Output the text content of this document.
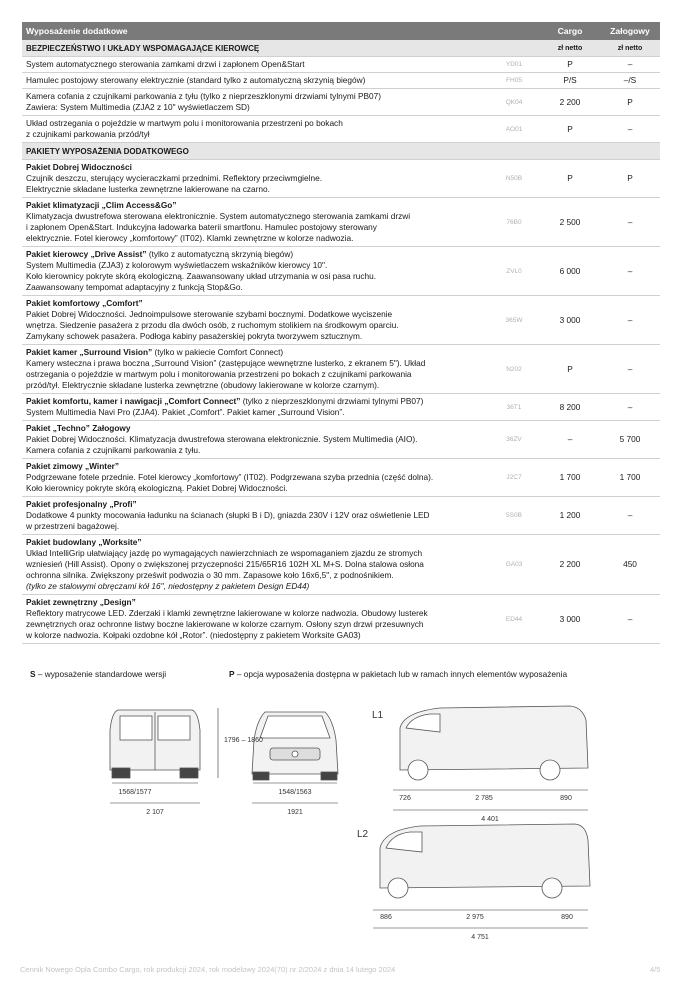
Wyposażenie dodatkowe		Cargo	Załogowy
BEZPIECZEŃSTWO I UKŁADY WSPOMAGAJĄCE KIEROWCĘ		zł netto	zł netto

System automatycznego sterowania zamkami drzwi i zapłonem Open&Start	YD01	P	–

Hamulec postojowy sterowany elektrycznie (standard tylko z automatyczną skrzynią biegów)	FH05	P/S	–/S

Kamera cofania z czujnikami parkowania z tyłu (tylko z nieprzeszklonymi drzwiami tylnymi PB07)
Zawiera: System Multimedia (ZJA2 z 10" wyświetlaczem SD)	QK04	2 200	P

Układ ostrzegania o pojeździe w martwym polu i monitorowania przestrzeni po bokach
z czujnikami parkowania przód/tył	AO01	P	–
PAKIETY WYPOSAŻENIA DODATKOWEGO			

Pakiet Dobrej Widoczności
Czujnik deszczu, sterujący wycieraczkami przednimi. Reflektory przeciwmgielne.
Elektrycznie składane lusterka zewnętrzne lakierowane na czarno.	N50B	P	P

Pakiet klimatyzacji „Clim Access&Go”
Klimatyzacja dwustrefowa sterowana elektronicznie. System automatycznego sterowania zamkami drzwi
i zapłonem Open&Start. Indukcyjna ładowarka baterii smartfonu. Hamulec postojowy sterowany
elektrycznie. Fotel kierowcy „komfortowy” (IT02). Klamki zewnętrzne w kolorze nadwozia.	76B0	2 500	–

Pakiet kierowcy „Drive Assist” (tylko z automatyczną skrzynią biegów)
System Multimedia (ZJA3) z kolorowym wyświetlaczem wskaźników kierowcy 10".
Koło kierownicy pokryte skórą ekologiczną. Zaawansowany układ utrzymania w osi pasa ruchu.
Zaawansowany tempomat adaptacyjny z funkcją Stop&Go.	ZVL0	6 000	–

Pakiet komfortowy „Comfort”
Pakiet Dobrej Widoczności. Jednoimpulsowe sterowanie szybami bocznymi. Dodatkowe wyciszenie
wnętrza. Siedzenie pasażera z przodu dla dwóch osób, z ruchomym stolikiem na środkowym oparciu.
Zamykany schowek pasażera. Podłoga kabiny pasażerskiej pokryta tworzywem sztucznym.	365W	3 000	–

Pakiet kamer „Surround Vision” (tylko w pakiecie Comfort Connect)
Kamery wsteczna i prawa boczna „Surround Vision” (zastępujące wewnętrzne lusterko, z ekranem 5"). Układ
ostrzegania o pojeździe w martwym polu i monitorowania przestrzeni po bokach z czujnikami parkowania
przód/tył. Elektrycznie składane lusterka zewnętrzne (obudowy lakierowane w kolorze czarnym).	N202	P	–

Pakiet komfortu, kamer i nawigacji „Comfort Connect” (tylko z nieprzeszklonymi drzwiami tylnymi PB07)
System Multimedia Navi Pro (ZJA4). Pakiet „Comfort”. Pakiet kamer „Surround Vision”.	36T1	8 200	–

Pakiet „Techno” Załogowy
Pakiet Dobrej Widoczności. Klimatyzacja dwustrefowa sterowana elektronicznie. System Multimedia (AIO).
Kamera cofania z czujnikami parkowania z tyłu.	36ZV	–	5 700

Pakiet zimowy „Winter”
Podgrzewane fotele przednie. Fotel kierowcy „komfortowy” (IT02). Podgrzewana szyba przednia (część dolna).
Koło kierownicy pokryte skórą ekologiczną. Pakiet Dobrej Widoczności.	J2C7	1 700	1 700

Pakiet profesjonalny „Profi”
Dodatkowe 4 punkty mocowania ładunku na ścianach (słupki B i D), gniazda 230V i 12V oraz oświetlenie LED
w przestrzeni bagażowej.	5S0B	1 200	–

Pakiet budowlany „Worksite”
Układ IntelliGrip ułatwiający jazdę po wymagających nawierzchniach ze wspomaganiem zjazdu ze stromych
wzniesień (Hill Assist). Opony o zwiększonej przyczepności 215/65R16 102H XL M+S. Dolna stalowa osłona
ochronna silnika. Zwiększony prześwit podwozia o 30 mm. Zapasowe koło 16x6,5", z podnośnikiem.
(tylko ze stalowymi obręczami kół 16", niedostępny z pakietem Design ED44)	GA03	2 200	450

Pakiet zewnętrzny „Design”
Reflektory matrycowe LED. Zderzaki i klamki zewnętrzne lakierowane w kolorze nadwozia. Obudowy lusterek
zewnętrznych oraz ochronne listwy boczne lakierowane w kolorze czarnym. Osłony szyn drzwi przesuwnych
w kolorze nadwozia. Kołpaki ozdobne kół „Rotor”. (niedostępny z pakietem Worksite GA03)	ED44	3 000	–
S – wyposażenie standardowe wersji	P – opcja wyposażenia dostępna w pakietach lub w ramach innych elementów wyposażenia
1568/1577
2 107
1796 – 1860
1548/1563
1921
L1
726	2 785	890
4 401
L2
886	2 975	890
4 751
Cennik Nowego Opla Combo Cargo, rok produkcji 2024, rok modelowy 2024(70) nr 2/2024 z dnia 14 lutego 2024	4/5
